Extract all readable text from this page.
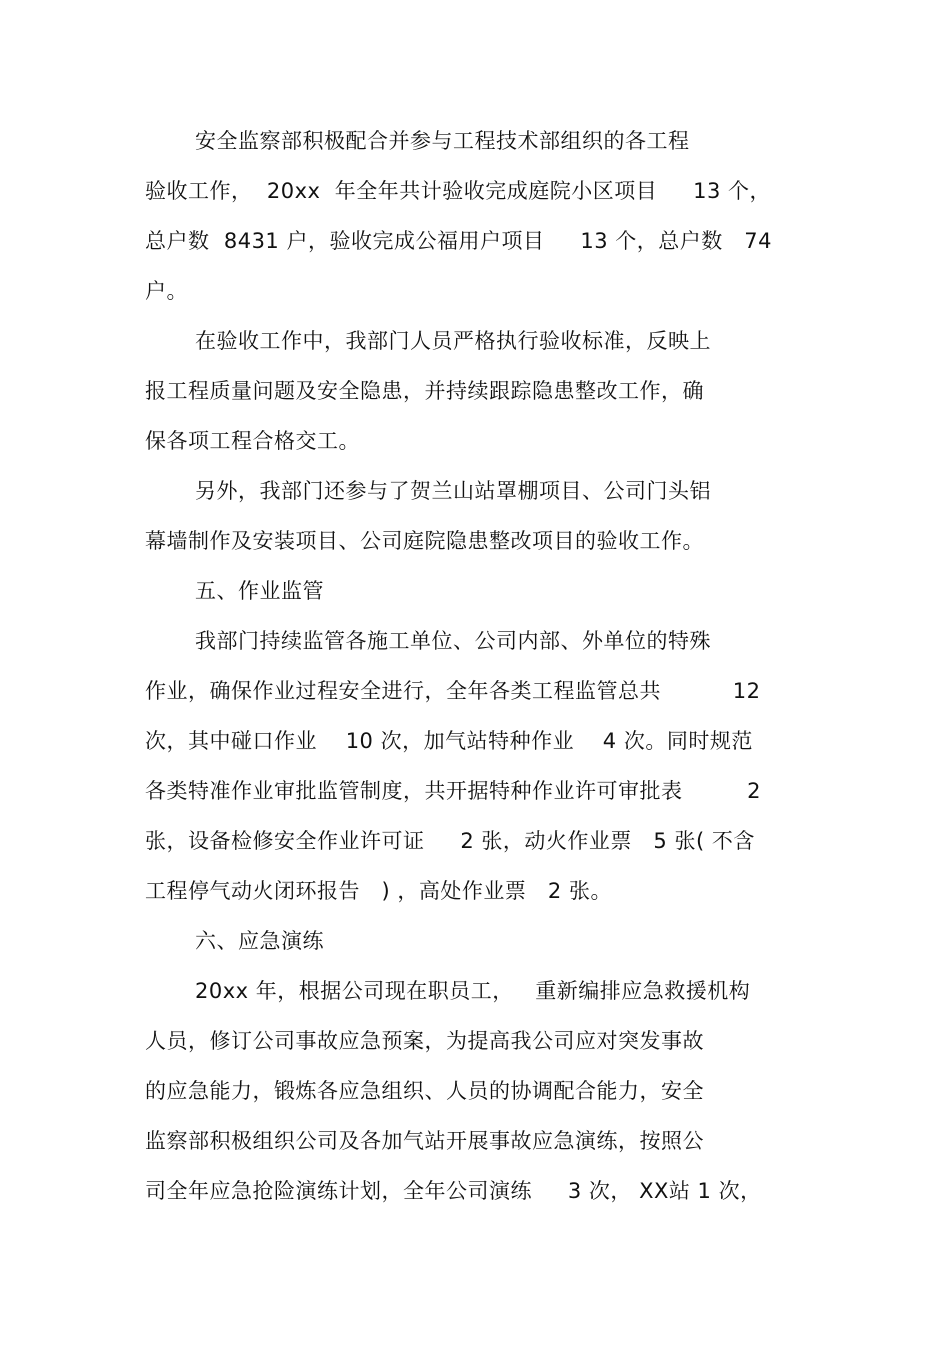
安全监察部积极配合并参与工程技术部组织的各工程
验收工作，  20xx  年全年共计验收完成庭院小区项目     13 个，
总户数  8431 户，验收完成公福用户项目     13 个，总户数   74
户。
在验收工作中，我部门人员严格执行验收标准，反映上
报工程质量问题及安全隐患，并持续跟踪隐患整改工作，确
保各项工程合格交工。
另外，我部门还参与了贺兰山站罩棚项目、公司门头铝
幕墙制作及安装项目、公司庭院隐患整改项目的验收工作。
五、作业监管
我部门持续监管各施工单位、公司内部、外单位的特殊
作业，确保作业过程安全进行，全年各类工程监管总共          12
次，其中碰口作业    10 次，加气站特种作业    4 次。同时规范
各类特准作业审批监管制度，共开据特种作业许可审批表         2
张，设备检修安全作业许可证     2 张，动火作业票   5 张( 不含
工程停气动火闭环报告   ) ，高处作业票   2 张。
六、应急演练
20xx 年，根据公司现在职员工，   重新编排应急救援机构
人员，修订公司事故应急预案，为提高我公司应对突发事故
的应急能力，锻炼各应急组织、人员的协调配合能力，安全
监察部积极组织公司及各加气站开展事故应急演练，按照公
司全年应急抢险演练计划，全年公司演练     3 次， XX站 1 次，
